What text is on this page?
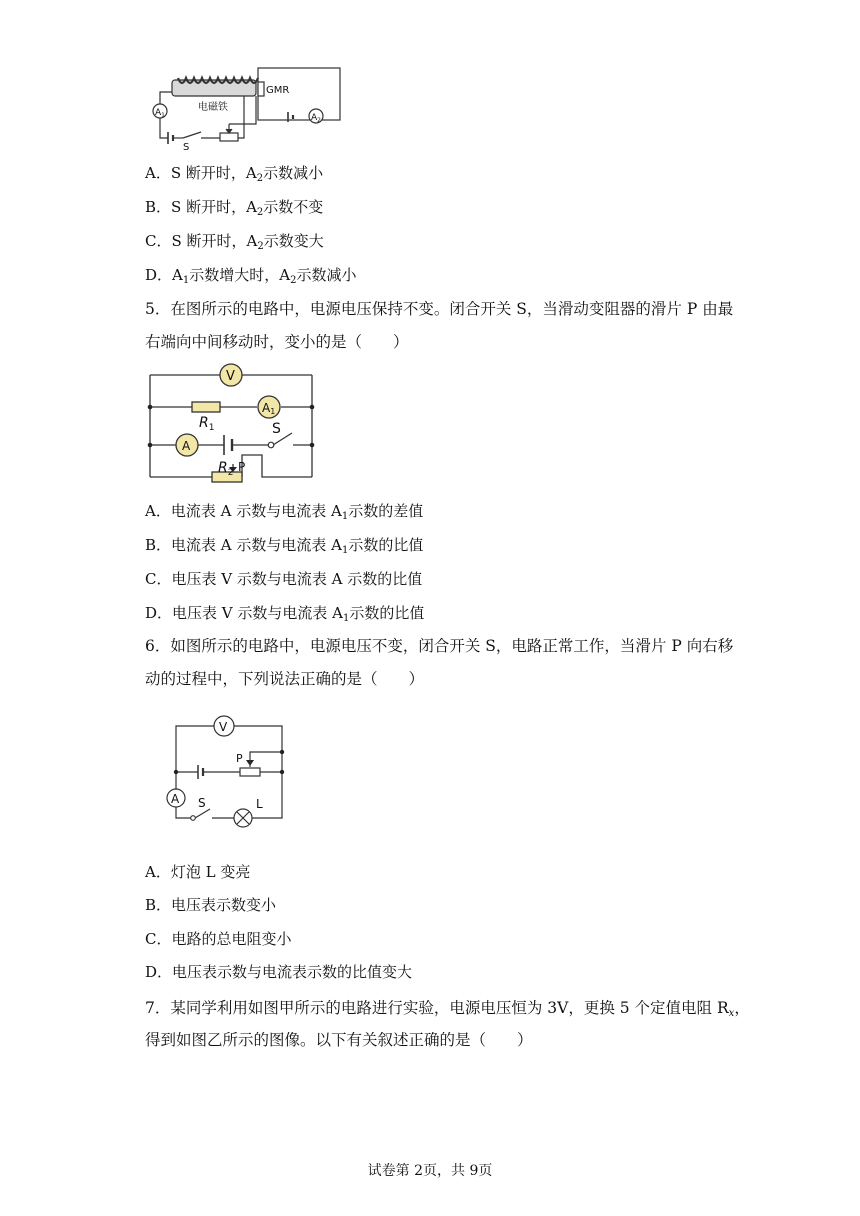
电磁铁
GMR
$A_1$	$A_2$
S
A．S 断开时，$A_2$示数减小
B．S 断开时，$A_2$示数不变
C．S 断开时，$A_2$示数变大
D．$A_1$示数增大时，$A_2$示数减小
5．在图所示的电路中，电源电压保持不变。闭合开关 S，当滑动变阻器的滑片 P 由最
右端向中间移动时，变小的是（　　）
V
$R_1$
A1
A
S
$R_2$ P
A．电流表 A 示数与电流表 $A_1$示数的差值
B．电流表 A 示数与电流表 $A_1$示数的比值
C．电压表 V 示数与电流表 A 示数的比值
D．电压表 V 示数与电流表 $A_1$示数的比值
6．如图所示的电路中，电源电压不变，闭合开关 S，电路正常工作，当滑片 P 向右移
动的过程中，下列说法正确的是（　　）
V
A
P
S	L
A．灯泡 L 变亮
B．电压表示数变小
C．电路的总电阻变小
D．电压表示数与电流表示数的比值变大
7．某同学利用如图甲所示的电路进行实验，电源电压恒为 3V，更换 5 个定值电阻 $R_x$，
得到如图乙所示的图像。以下有关叙述正确的是（　　）
试卷第 2页，共 9页
